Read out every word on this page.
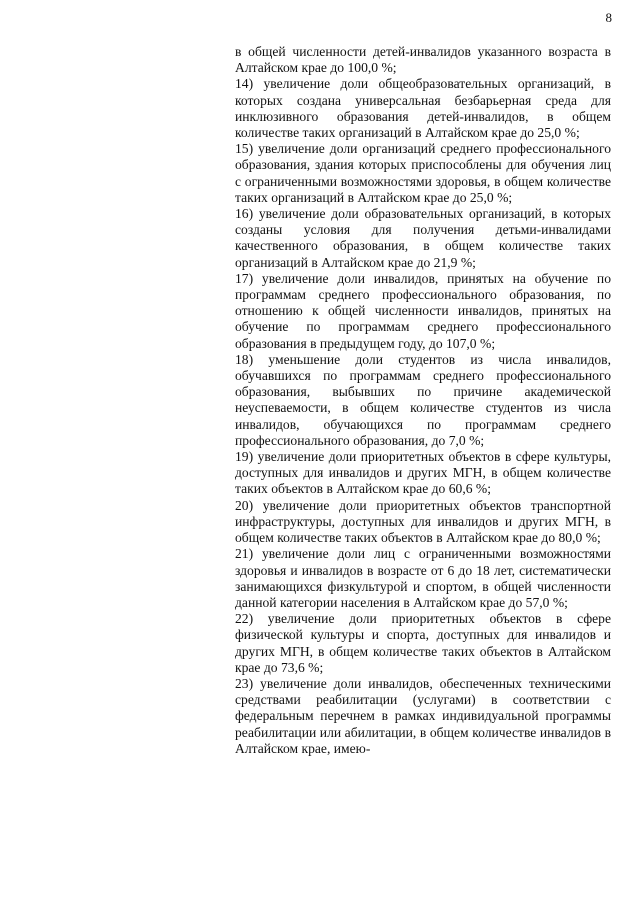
8

в общей численности детей-инвалидов указанного возраста в Алтайском крае до 100,0 %;

14) увеличение доли общеобразовательных организаций, в которых создана универсальная безбарьерная среда для инклюзивного образования детей-инвалидов, в общем количестве таких организаций в Алтайском крае до 25,0 %;

15) увеличение доли организаций среднего профессионального образования, здания которых приспособлены для обучения лиц с ограниченными возможностями здоровья, в общем количестве таких организаций в Алтайском крае до 25,0 %;

16) увеличение доли образовательных организаций, в которых созданы условия для получения детьми-инвалидами качественного образования, в общем количестве таких организаций в Алтайском крае до 21,9 %;

17) увеличение доли инвалидов, принятых на обучение по программам среднего профессионального образования, по отношению к общей численности инвалидов, принятых на обучение по программам среднего профессионального образования в предыдущем году, до 107,0 %;

18) уменьшение доли студентов из числа инвалидов, обучавшихся по программам среднего профессионального образования, выбывших по причине академической неуспеваемости, в общем количестве студентов из числа инвалидов, обучающихся по программам среднего профессионального образования, до 7,0 %;

19) увеличение доли приоритетных объектов в сфере культуры, доступных для инвалидов и других МГН, в общем количестве таких объектов в Алтайском крае до 60,6 %;

20) увеличение доли приоритетных объектов транспортной инфраструктуры, доступных для инвалидов и других МГН, в общем количестве таких объектов в Алтайском крае до 80,0 %;

21) увеличение доли лиц с ограниченными возможностями здоровья и инвалидов в возрасте от 6 до 18 лет, систематически занимающихся физкультурой и спортом, в общей численности данной категории населения в Алтайском крае до 57,0 %;

22) увеличение доли приоритетных объектов в сфере физической культуры и спорта, доступных для инвалидов и других МГН, в общем количестве таких объектов в Алтайском крае до 73,6 %;

23) увеличение доли инвалидов, обеспеченных техническими средствами реабилитации (услугами) в соответствии с федеральным перечнем в рамках индивидуальной программы реабилитации или абилитации, в общем количестве инвалидов в Алтайском крае, имею-
